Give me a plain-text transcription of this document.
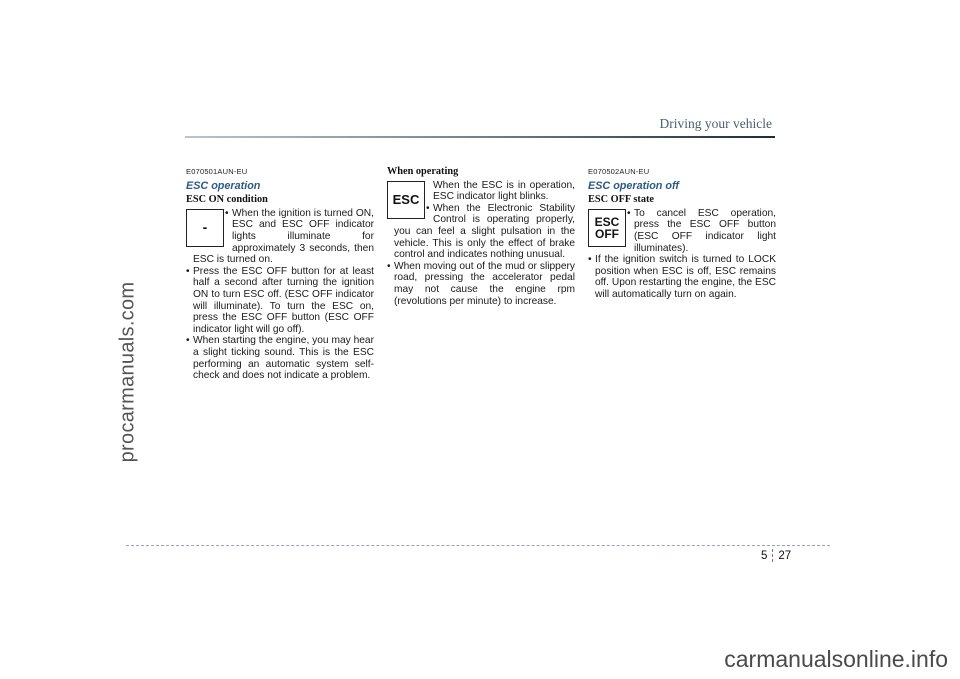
procarmanuals.com
Driving your vehicle
E070501AUN-EU
ESC operation
ESC ON condition
-
• When the ignition is turned ON, ESC and ESC OFF indicator lights illuminate for approximately 3 seconds, then ESC is turned on.
• Press the ESC OFF button for at least half a second after turning the ignition ON to turn ESC off. (ESC OFF indicator will illuminate). To turn the ESC on, press the ESC OFF button (ESC OFF indicator light will go off).
• When starting the engine, you may hear a slight ticking sound. This is the ESC performing an automatic system self-check and does not indicate a problem.
When operating
ESC
When the ESC is in operation, ESC indicator light blinks.
• When the Electronic Stability Control is operating properly, you can feel a slight pulsation in the vehicle. This is only the effect of brake control and indicates nothing unusual.
• When moving out of the mud or slippery road, pressing the accelerator pedal may not cause the engine rpm (revolutions per minute) to increase.
E070502AUN-EU
ESC operation off
ESC OFF state
ESC
OFF
• To cancel ESC operation, press the ESC OFF button (ESC OFF indicator light illuminates).
• If the ignition switch is turned to LOCK position when ESC is off, ESC remains off. Upon restarting the engine, the ESC will automatically turn on again.
5 27
carmanualsonline.info
